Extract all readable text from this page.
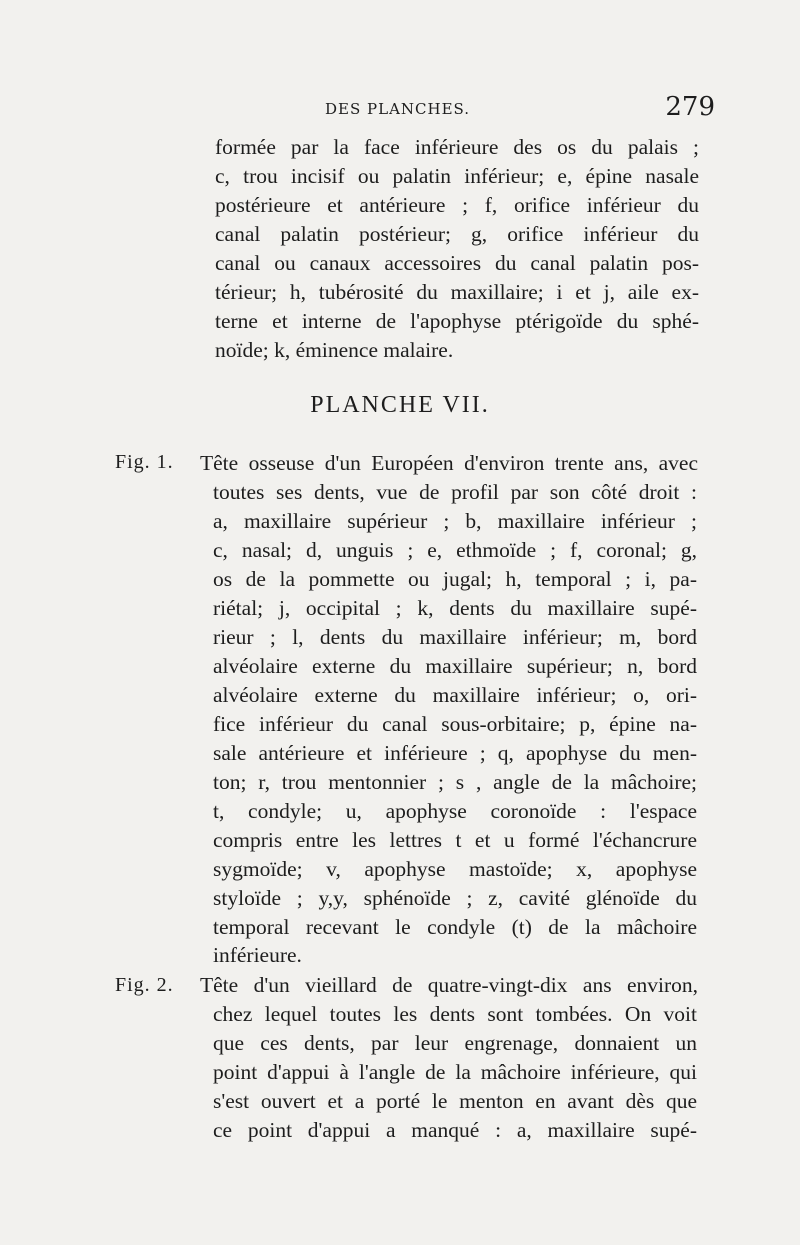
DES PLANCHES.	279
formée par la face inférieure des os du palais ;
c, trou incisif ou palatin inférieur; e, épine nasale
postérieure et antérieure ; f, orifice inférieur du
canal palatin postérieur; g, orifice inférieur du
canal ou canaux accessoires du canal palatin pos-
térieur; h, tubérosité du maxillaire; i et j, aile ex-
terne et interne de l'apophyse ptérigoïde du sphé-
noïde; k, éminence malaire.
PLANCHE VII.
Fig. 1. Tête osseuse d'un Européen d'environ trente ans, avec
toutes ses dents, vue de profil par son côté droit :
a, maxillaire supérieur ; b, maxillaire inférieur ;
c, nasal; d, unguis ; e, ethmoïde ; f, coronal; g,
os de la pommette ou jugal; h, temporal ; i, pa-
riétal; j, occipital ; k, dents du maxillaire supé-
rieur ; l, dents du maxillaire inférieur; m, bord
alvéolaire externe du maxillaire supérieur; n, bord
alvéolaire externe du maxillaire inférieur; o, ori-
fice inférieur du canal sous-orbitaire; p, épine na-
sale antérieure et inférieure ; q, apophyse du men-
ton; r, trou mentonnier ; s , angle de la mâchoire;
t, condyle; u, apophyse coronoïde : l'espace
compris entre les lettres t et u formé l'échancrure
sygmoïde; v, apophyse mastoïde; x, apophyse
styloïde ; y,y, sphénoïde ; z, cavité glénoïde du
temporal recevant le condyle (t) de la mâchoire
inférieure.
Fig. 2. Tête d'un vieillard de quatre-vingt-dix ans environ,
chez lequel toutes les dents sont tombées. On voit
que ces dents, par leur engrenage, donnaient un
point d'appui à l'angle de la mâchoire inférieure, qui
s'est ouvert et a porté le menton en avant dès que
ce point d'appui a manqué : a, maxillaire supé-
